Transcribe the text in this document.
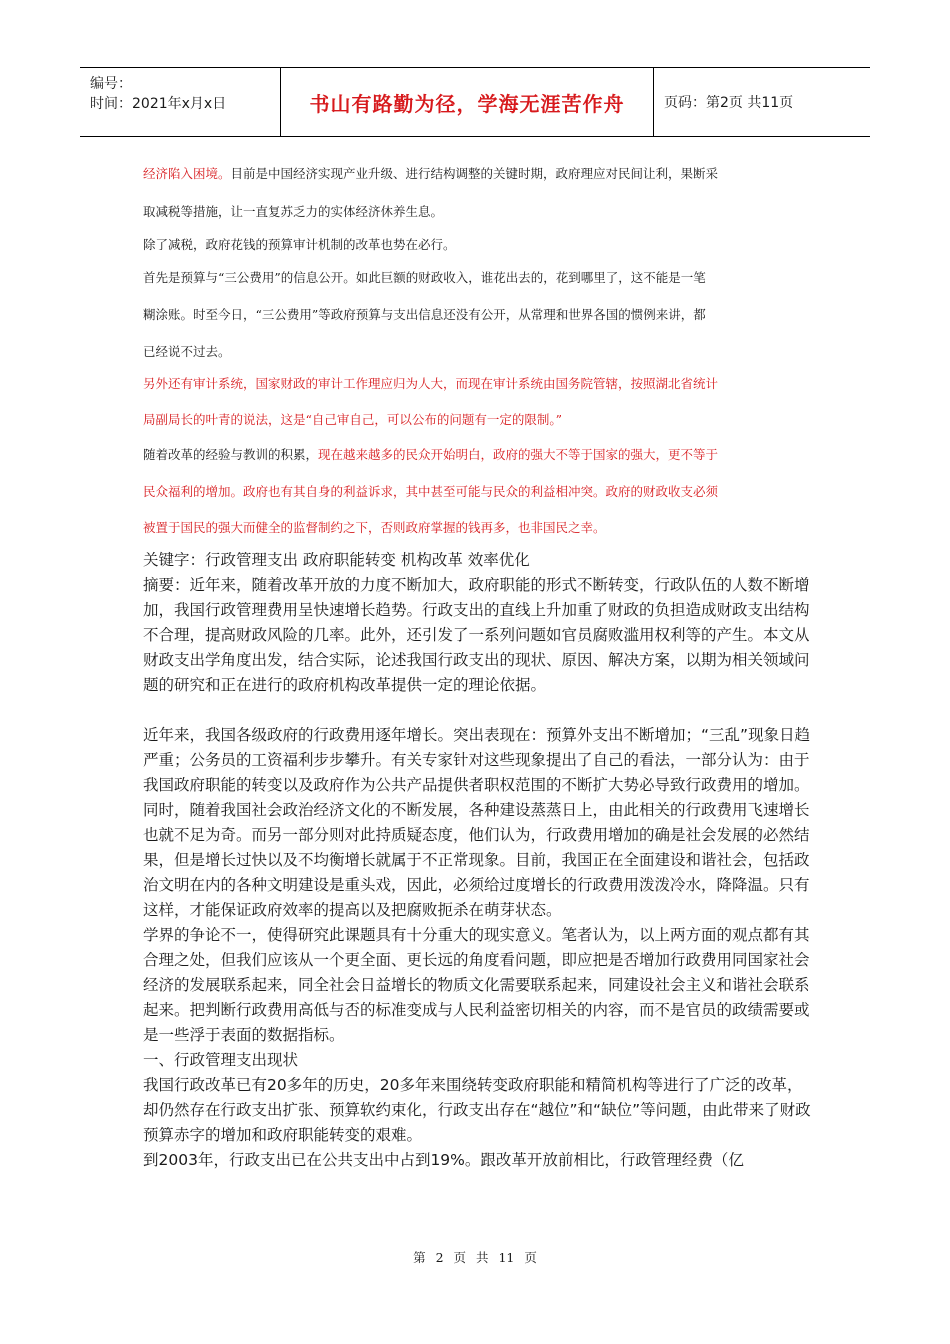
编号：
时间：2021年x月x日	书山有路勤为径，学海无涯苦作舟	页码：第2页 共11页
经济陷入困境。目前是中国经济实现产业升级、进行结构调整的关键时期，政府理应对民间让利，果断采
取减税等措施，让一直复苏乏力的实体经济休养生息。
除了减税，政府花钱的预算审计机制的改革也势在必行。
首先是预算与“三公费用”的信息公开。如此巨额的财政收入，谁花出去的，花到哪里了，这不能是一笔
糊涂账。时至今日，“三公费用”等政府预算与支出信息还没有公开，从常理和世界各国的惯例来讲，都
已经说不过去。
另外还有审计系统，国家财政的审计工作理应归为人大，而现在审计系统由国务院管辖，按照湖北省统计
局副局长的叶青的说法，这是“自己审自己，可以公布的问题有一定的限制。”
随着改革的经验与教训的积累，现在越来越多的民众开始明白，政府的强大不等于国家的强大，更不等于
民众福利的增加。政府也有其自身的利益诉求，其中甚至可能与民众的利益相冲突。政府的财政收支必须
被置于国民的强大而健全的监督制约之下，否则政府掌握的钱再多，也非国民之幸。

关键字：行政管理支出 政府职能转变 机构改革 效率优化

摘要：近年来，随着改革开放的力度不断加大，政府职能的形式不断转变，行政队伍的人数不断增加，我国行政管理费用呈快速增长趋势。行政支出的直线上升加重了财政的负担造成财政支出结构不合理，提高财政风险的几率。此外，还引发了一系列问题如官员腐败滥用权利等的产生。本文从财政支出学角度出发，结合实际，论述我国行政支出的现状、原因、解决方案，以期为相关领域问题的研究和正在进行的政府机构改革提供一定的理论依据。

近年来，我国各级政府的行政费用逐年增长。突出表现在：预算外支出不断增加；“三乱”现象日趋严重；公务员的工资福利步步攀升。有关专家针对这些现象提出了自己的看法，一部分认为：由于我国政府职能的转变以及政府作为公共产品提供者职权范围的不断扩大势必导致行政费用的增加。同时，随着我国社会政治经济文化的不断发展，各种建设蒸蒸日上，由此相关的行政费用飞速增长也就不足为奇。而另一部分则对此持质疑态度，他们认为，行政费用增加的确是社会发展的必然结果，但是增长过快以及不均衡增长就属于不正常现象。目前，我国正在全面建设和谐社会，包括政治文明在内的各种文明建设是重头戏，因此，必须给过度增长的行政费用泼泼冷水，降降温。只有这样，才能保证政府效率的提高以及把腐败扼杀在萌芽状态。

学界的争论不一，使得研究此课题具有十分重大的现实意义。笔者认为，以上两方面的观点都有其合理之处，但我们应该从一个更全面、更长远的角度看问题，即应把是否增加行政费用同国家社会经济的发展联系起来，同全社会日益增长的物质文化需要联系起来，同建设社会主义和谐社会联系起来。把判断行政费用高低与否的标准变成与人民利益密切相关的内容，而不是官员的政绩需要或是一些浮于表面的数据指标。

一、行政管理支出现状

我国行政改革已有20多年的历史，20多年来围绕转变政府职能和精简机构等进行了广泛的改革，却仍然存在行政支出扩张、预算软约束化，行政支出存在“越位”和“缺位”等问题，由此带来了财政预算赤字的增加和政府职能转变的艰难。

到2003年，行政支出已在公共支出中占到19%。跟改革开放前相比，行政管理经费（亿

第 2 页 共 11 页
